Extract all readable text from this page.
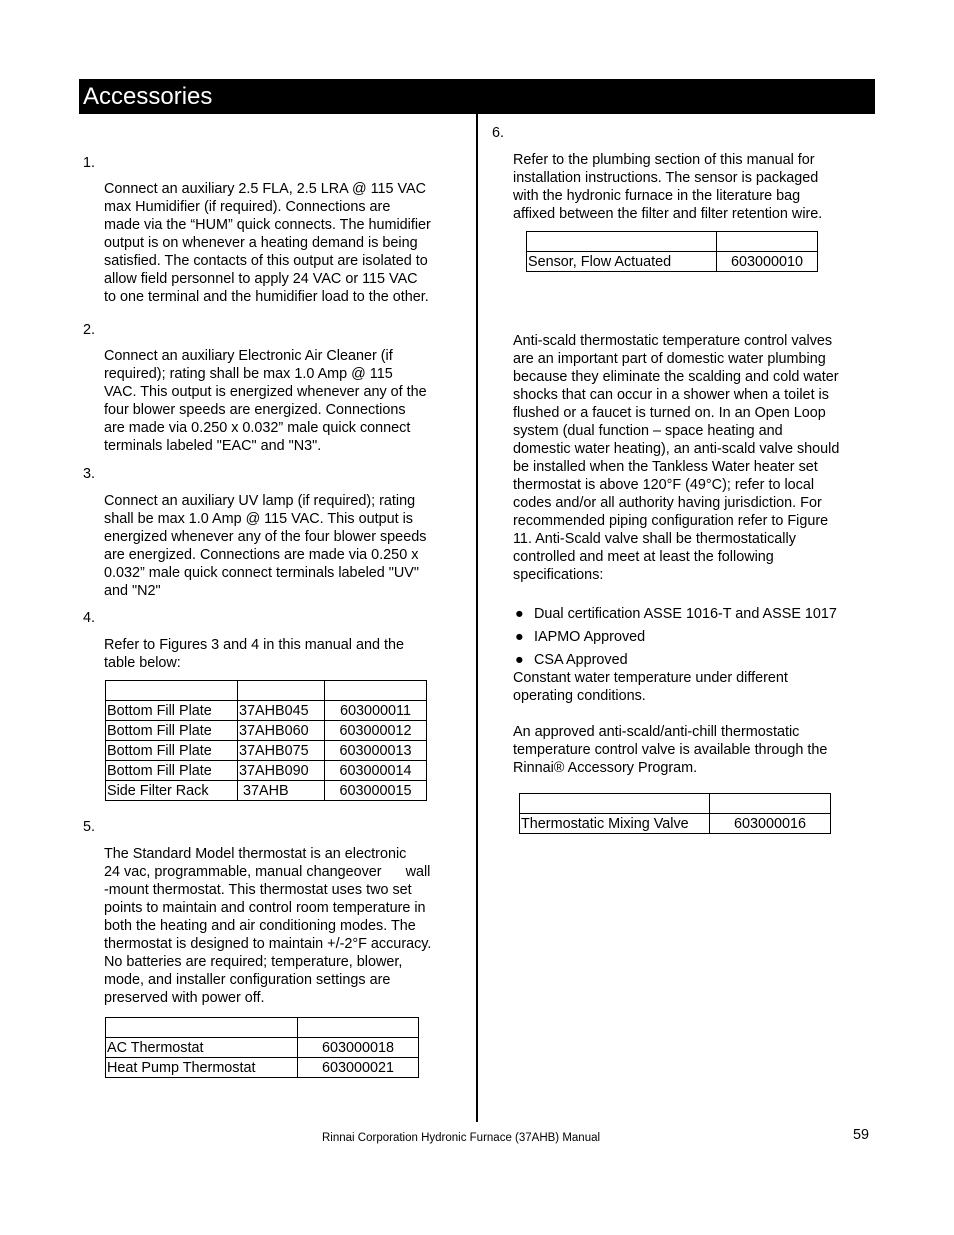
Accessories
1.
Connect an auxiliary 2.5 FLA, 2.5 LRA @ 115 VAC
max Humidifier (if required). Connections are
made via the “HUM” quick connects. The humidifier
output is on whenever a heating demand is being
satisfied. The contacts of this output are isolated to
allow field personnel to apply 24 VAC or 115 VAC
to one terminal and the humidifier load to the other.
2.
Connect an auxiliary Electronic Air Cleaner (if
required); rating shall be max 1.0 Amp @ 115
VAC. This output is energized whenever any of the
four blower speeds are energized. Connections
are made via 0.250 x 0.032” male quick connect
terminals labeled "EAC" and "N3".
3.
Connect an auxiliary UV lamp (if required); rating
shall be max 1.0 Amp @ 115 VAC. This output is
energized whenever any of the four blower speeds
are energized. Connections are made via 0.250 x
0.032” male quick connect terminals labeled "UV"
and "N2"
4.
Refer to Figures 3 and 4 in this manual and the
table below:

Bottom Fill Plate	37AHB045	603000011
Bottom Fill Plate	37AHB060	603000012
Bottom Fill Plate	37AHB075	603000013
Bottom Fill Plate	37AHB090	603000014
Side Filter Rack	37AHB	603000015
5.
The Standard Model thermostat is an electronic
24 vac, programmable, manual changeover      wall
-mount thermostat. This thermostat uses two set
points to maintain and control room temperature in
both the heating and air conditioning modes. The
thermostat is designed to maintain +/-2°F accuracy.
No batteries are required; temperature, blower,
mode, and installer configuration settings are
preserved with power off.

AC Thermostat	603000018
Heat Pump Thermostat	603000021
6.
Refer to the plumbing section of this manual for
installation instructions. The sensor is packaged
with the hydronic furnace in the literature bag
affixed between the filter and filter retention wire.

Sensor, Flow Actuated	603000010
Anti-scald thermostatic temperature control valves
are an important part of domestic water plumbing
because they eliminate the scalding and cold water
shocks that can occur in a shower when a toilet is
flushed or a faucet is turned on. In an Open Loop
system (dual function – space heating and
domestic water heating), an anti-scald valve should
be installed when the Tankless Water heater set
thermostat is above 120°F (49°C); refer to local
codes and/or all authority having jurisdiction. For
recommended piping configuration refer to Figure
11. Anti-Scald valve shall be thermostatically
controlled and meet at least the following
specifications:
● Dual certification ASSE 1016-T and ASSE 1017
● IAPMO Approved
● CSA Approved
Constant water temperature under different
operating conditions.
An approved anti-scald/anti-chill thermostatic
temperature control valve is available through the
Rinnai® Accessory Program.

Thermostatic Mixing Valve	603000016
Rinnai Corporation Hydronic Furnace (37AHB) Manual	59
